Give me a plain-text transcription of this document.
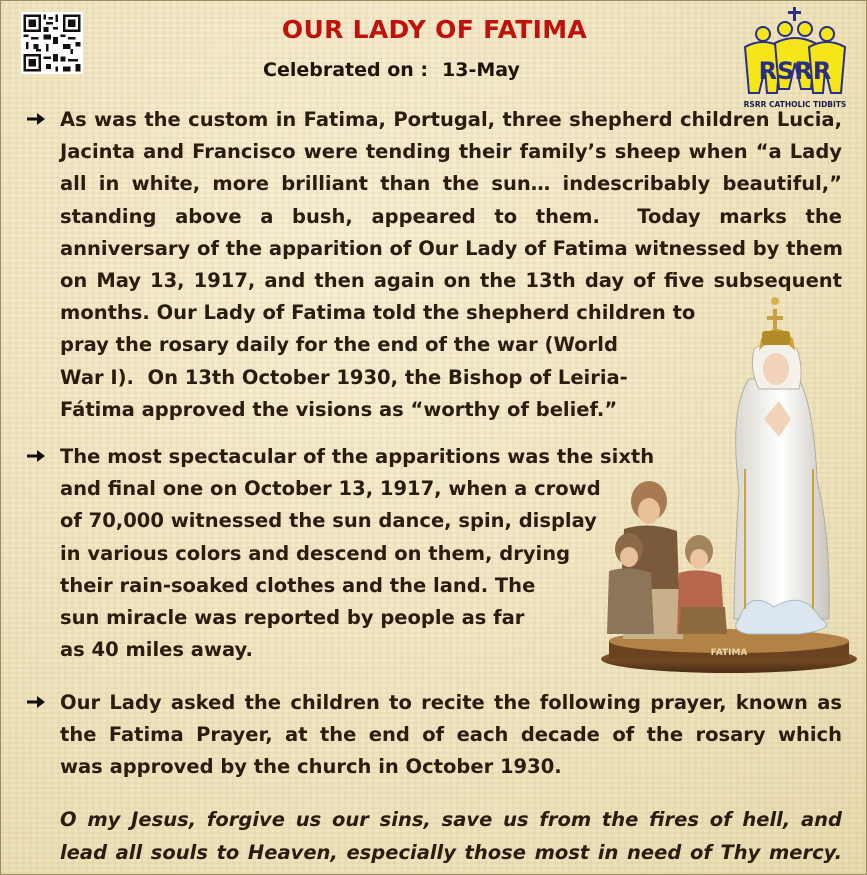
OUR LADY OF FATIMA
Celebrated on : 13-May	RSRR
RSRR CATHOLIC TIDBITS
As was the custom in Fatima, Portugal, three shepherd children Lucia,
Jacinta and Francisco were tending their family’s sheep when “a Lady
all in white, more brilliant than the sun… indescribably beautiful,”
standing above a bush, appeared to them.  Today marks the
anniversary of the apparition of Our Lady of Fatima witnessed by them
on May 13, 1917, and then again on the 13th day of five subsequent
months. Our Lady of Fatima told the shepherd children to
pray the rosary daily for the end of the war (World
War I).  On 13th October 1930, the Bishop of Leiria-
Fátima approved the visions as “worthy of belief.”
The most spectacular of the apparitions was the sixth
and final one on October 13, 1917, when a crowd
of 70,000 witnessed the sun dance, spin, display
in various colors and descend on them, drying
their rain-soaked clothes and the land. The
sun miracle was reported by people as far
as 40 miles away.	FATIMA
Our Lady asked the children to recite the following prayer, known as
the Fatima Prayer, at the end of each decade of the rosary which
was approved by the church in October 1930.
O my Jesus, forgive us our sins, save us from the fires of hell, and
lead all souls to Heaven, especially those most in need of Thy mercy.
